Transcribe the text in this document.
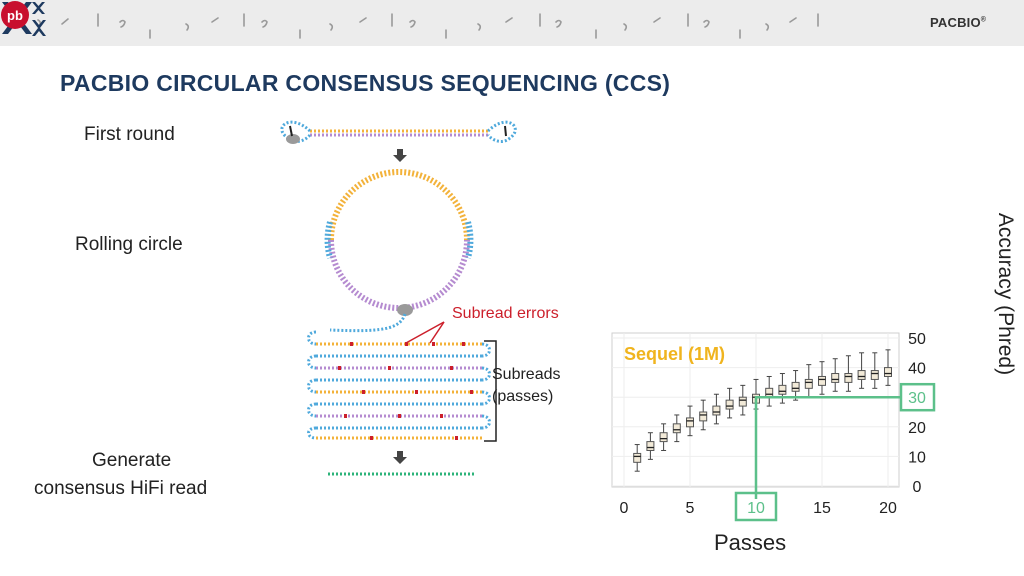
pb	PACBIO®
PACBIO CIRCULAR CONSENSUS SEQUENCING (CCS)
First round
Rolling circle
Generate
consensus HiFi read
Subread errors
Subreads
(passes)
0	5	10	15	20
0
10
20
30
40
50
Sequel (1M)	Accuracy (Phred)
Passes
